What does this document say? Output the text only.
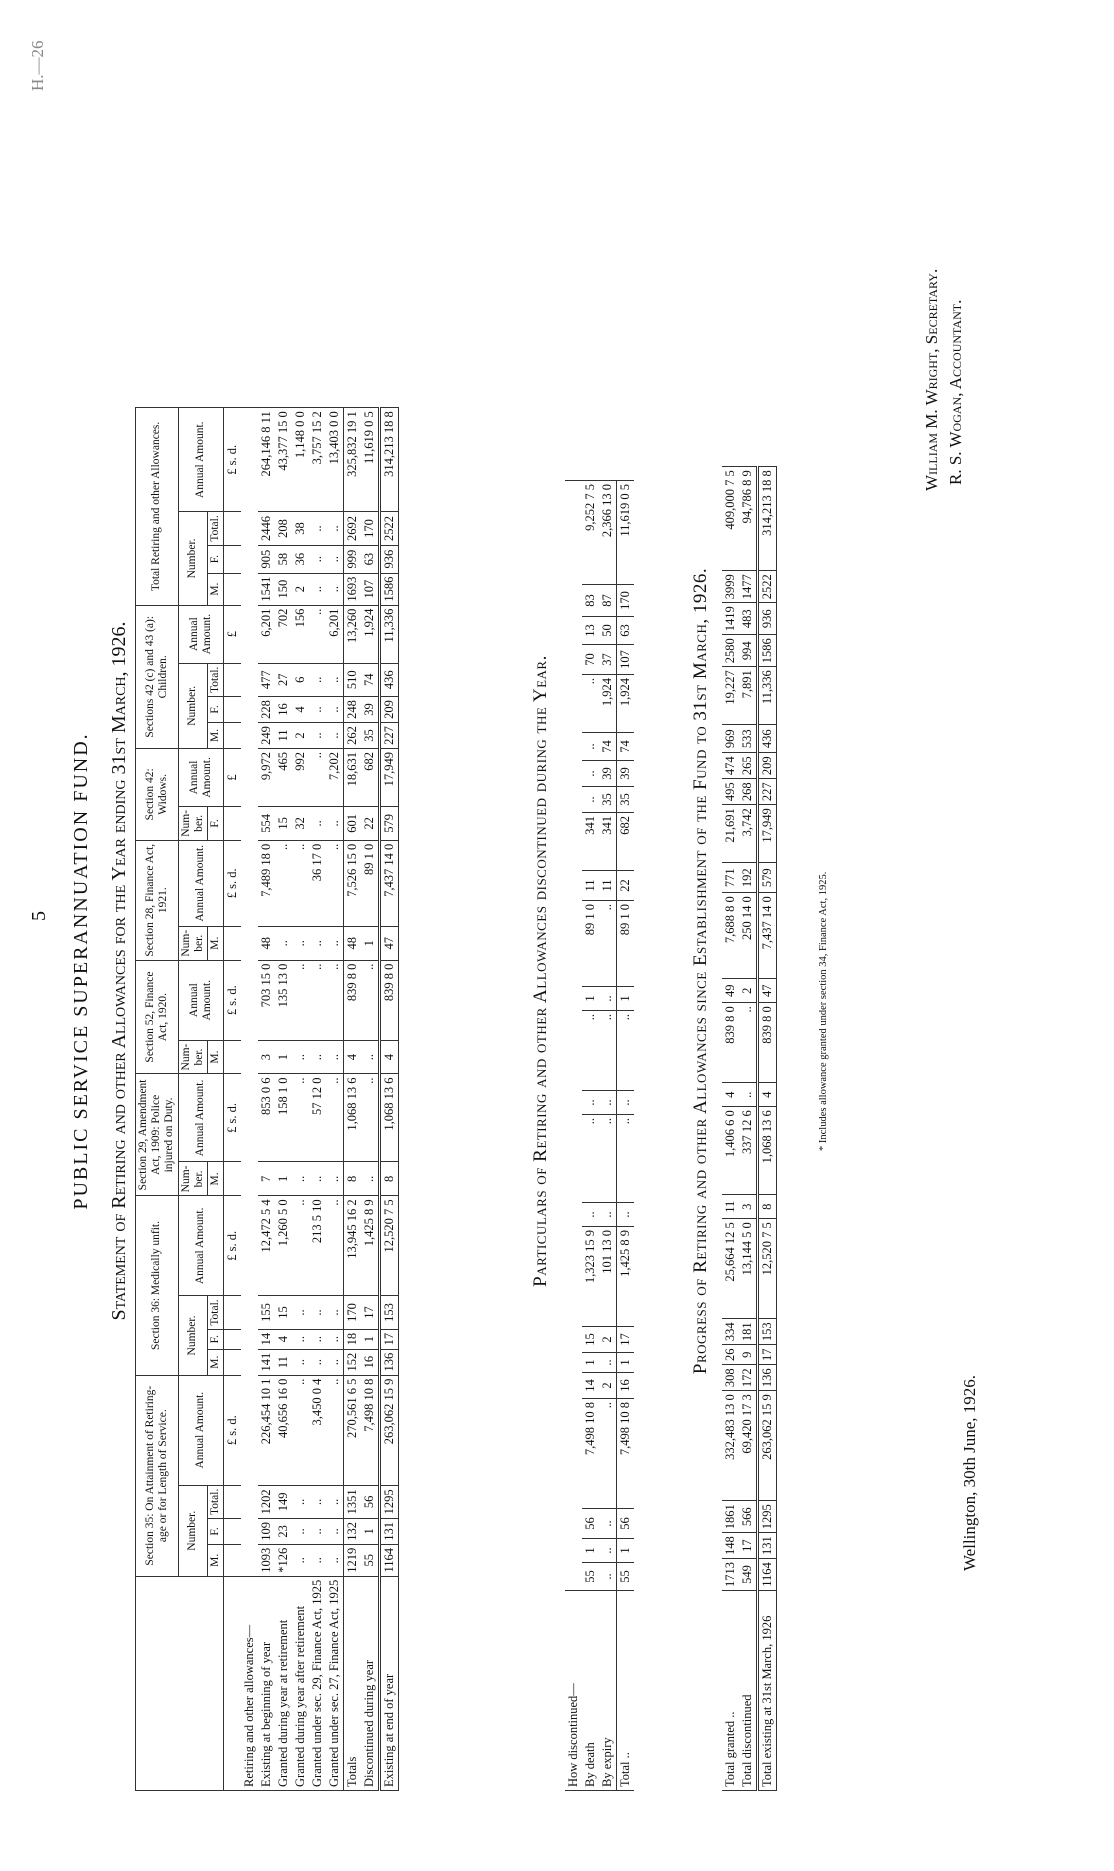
5
H.—26
PUBLIC SERVICE SUPERANNUATION FUND. Statement of Retiring and other Allowances for the Year ending 31st March, 1926.
	Section 35: On Attainment of Retiring-age or for Length of Service.				Section 36: Medically unfit.				Section 29, Amendment Act, 1909: Police injured on Duty.		Section 52, Finance Act, 1920.		Section 28, Finance Act, 1921.		Section 42: Widows.		Sections 42 (c) and 43 (a): Children.				Total Retiring and other Allowances.			
	Number.			Annual Amount.	Number.			Annual Amount.	Num-ber.	Annual Amount.	Num-ber.	Annual Amount.	Num-ber.	Annual Amount.	Num-ber.	Annual Amount.	Number.			Annual Amount.	Number.			Annual Amount.
	M.	F.	Total.		M.	F.	Total.		M.		M.		M.		F.		M.	F.	Total.		M.	F.	Total.	
				£ s. d.				£ s. d.		£ s. d.		£ s. d.		£ s. d.		£				£				£ s. d.
Retiring and other allowances—																								
Existing at beginning of year	1093	109	1202	226,454 10 1	141	14	155	12,472 5 4	7	853 0 6	3	703 15 0	48	7,489 18 0	554	9,972	249	228	477	6,201	1541	905	2446	264,146 8 11
Granted during year at retirement	*126	23	149	40,656 16 0	11	4	15	1,260 5 0	1	158 1 0	1	135 13 0	..	..	15	465	11	16	27	702	150	58	208	43,377 15 0
Granted during year after retirement	..	..	..	..	..	..	..	..	..	..	..	..	..	..	32	992	2	4	6	156	2	36	38	1,148 0 0
Granted under sec. 29, Finance Act, 1925	..	..	..	3,450 0 4	..	..	..	213 5 10	..	57 12 0	..	..	..	36 17 0	..	..	..	..	..	..	..	..	..	3,757 15 2
Granted under sec. 27, Finance Act, 1925	..	..	..	..	..	..	..	..	..	..	..	..	..	..	..	7,202	..	..	..	6,201	..	..	..	13,403 0 0
Totals	1219	132	1351	270,561 6 5	152	18	170	13,945 16 2	8	1,068 13 6	4	839 8 0	48	7,526 15 0	601	18,631	262	248	510	13,260	1693	999	2692	325,832 19 1
Discontinued during year	55	1	56	7,498 10 8	16	1	17	1,425 8 9	..	..	..	..	1	89 1 0	22	682	35	39	74	1,924	107	63	170	11,619 0 5
Existing at end of year	1164	131	1295	263,062 15 9	136	17	153	12,520 7 5	8	1,068 13 6	4	839 8 0	47	7,437 14 0	579	17,949	227	209	436	11,336	1586	936	2522	314,213 18 8
Particulars of Retiring and other Allowances discontinued during the Year.
How discontinued—																								
By death	55	1	56	7,498 10 8	14	1	15	1,323 15 9	..	..	..	..	1	89 1 0	11	341	..	..	..	..	70	13	83	9,252 7 5
By expiry	..	..	..	..	2	..	2	101 13 0	..	..	..	..	..	..	11	341	35	39	74	1,924	37	50	87	2,366 13 0
Total ..	55	1	56	7,498 10 8	16	1	17	1,425 8 9	..	..	..	..	1	89 1 0	22	682	35	39	74	1,924	107	63	170	11,619 0 5
Progress of Retiring and other Allowances since Establishment of the Fund to 31st March, 1926.
Total granted ..	1713	148	1861	332,483 13 0	308	26	334	25,664 12 5	11	1,406 6 0	4	839 8 0	49	7,688 8 0	771	21,691	495	474	969	19,227	2580	1419	3999	409,000 7 5
Total discontinued	549	17	566	69,420 17 3	172	9	181	13,144 5 0	3	337 12 6	..	..	2	250 14 0	192	3,742	268	265	533	7,891	994	483	1477	94,786 8 9
Total existing at 31st March, 1926	1164	131	1295	263,062 15 9	136	17	153	12,520 7 5	8	1,068 13 6	4	839 8 0	47	7,437 14 0	579	17,949	227	209	436	11,336	1586	936	2522	314,213 18 8
* Includes allowance granted under section 34, Finance Act, 1925.
Wellington, 30th June, 1926.
William M. Wright, Secretary. R. S. Wogan, Accountant.
